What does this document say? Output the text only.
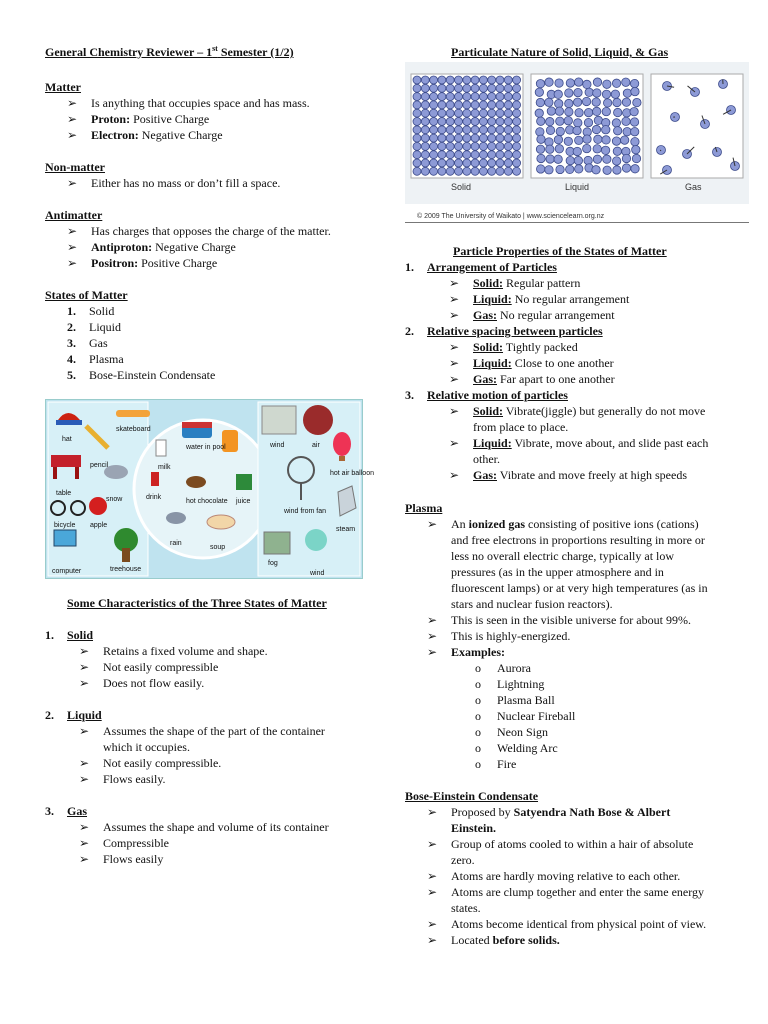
General Chemistry Reviewer – 1st Semester (1/2)
Matter
➢ Is anything that occupies space and has mass.
➢ Proton: Positive Charge
➢ Electron: Negative Charge
Non-matter
➢ Either has no mass or don’t fill a space.
Antimatter
➢ Has charges that opposes the charge of the matter.
➢ Antiproton: Negative Charge
➢ Positron: Positive Charge
States of Matter
1. Solid
2. Liquid
3. Gas
4. Plasma
5. Bose-Einstein Condensate
hat
skateboard
pencil
table
snow
bicycle apple
computer	treehouse
milk
water in pool
drink
hot chocolate juice
rain
soup
wind	air
hot air balloon
wind from fan
steam
fog
wind
Some Characteristics of the Three States of Matter
1. Solid
➢ Retains a fixed volume and shape.
➢ Not easily compressible
➢ Does not flow easily.
2. Liquid
➢ Assumes the shape of the part of the container
which it occupies.
➢ Not easily compressible.
➢ Flows easily.
3. Gas
➢ Assumes the shape and volume of its container
➢ Compressible
➢ Flows easily
Particulate Nature of Solid, Liquid, & Gas
Solid	Liquid	Gas
© 2009 The University of Waikato | www.sciencelearn.org.nz
Particle Properties of the States of Matter
1. Arrangement of Particles
➢ Solid: Regular pattern
➢ Liquid: No regular arrangement
➢ Gas: No regular arrangement
2. Relative spacing between particles
➢ Solid: Tightly packed
➢ Liquid: Close to one another
➢ Gas: Far apart to one another
3. Relative motion of particles
➢ Solid: Vibrate(jiggle) but generally do not move
from place to place.
➢ Liquid: Vibrate, move about, and slide past each
other.
➢ Gas: Vibrate and move freely at high speeds
Plasma
➢ An ionized gas consisting of positive ions (cations)
and free electrons in proportions resulting in more or
less no overall electric charge, typically at low
pressures (as in the upper atmosphere and in
fluorescent lamps) or at very high temperatures (as in
stars and nuclear fusion reactors).
➢ This is seen in the visible universe for about 99%.
➢ This is highly-energized.
➢ Examples:
o Aurora
o Lightning
o Plasma Ball
o Nuclear Fireball
o Neon Sign
o Welding Arc
o Fire
Bose-Einstein Condensate
➢ Proposed by Satyendra Nath Bose & Albert
Einstein.
➢ Group of atoms cooled to within a hair of absolute
zero.
➢ Atoms are hardly moving relative to each other.
➢ Atoms are clump together and enter the same energy
states.
➢ Atoms become identical from physical point of view.
➢ Located before solids.
